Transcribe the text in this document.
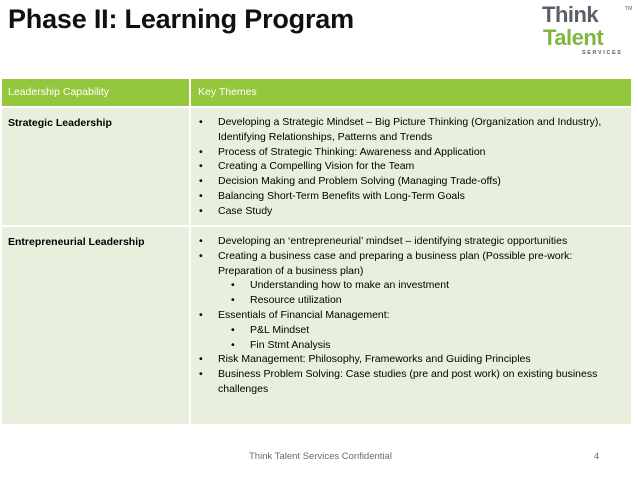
Phase II: Learning Program	Think
Talent
SERVICES
TM
Leadership Capability	Key Themes
Strategic Leadership	• Developing a Strategic Mindset – Big Picture Thinking (Organization and Industry), Identifying Relationships, Patterns and Trends
• Process of Strategic Thinking: Awareness and Application
• Creating a Compelling Vision for the Team
• Decision Making and Problem Solving (Managing Trade-offs)
• Balancing Short-Term Benefits with Long-Term Goals
• Case Study
Entrepreneurial Leadership	• Developing an ‘entrepreneurial’ mindset – identifying strategic opportunities
• Creating a business case and preparing a business plan (Possible pre-work: Preparation of a business plan)
• Understanding how to make an investment
• Resource utilization
• Essentials of Financial Management:
• P&L Mindset
• Fin Stmt Analysis
• Risk Management: Philosophy, Frameworks and Guiding Principles
• Business Problem Solving: Case studies (pre and post work) on existing business challenges
Think Talent Services Confidential	4
